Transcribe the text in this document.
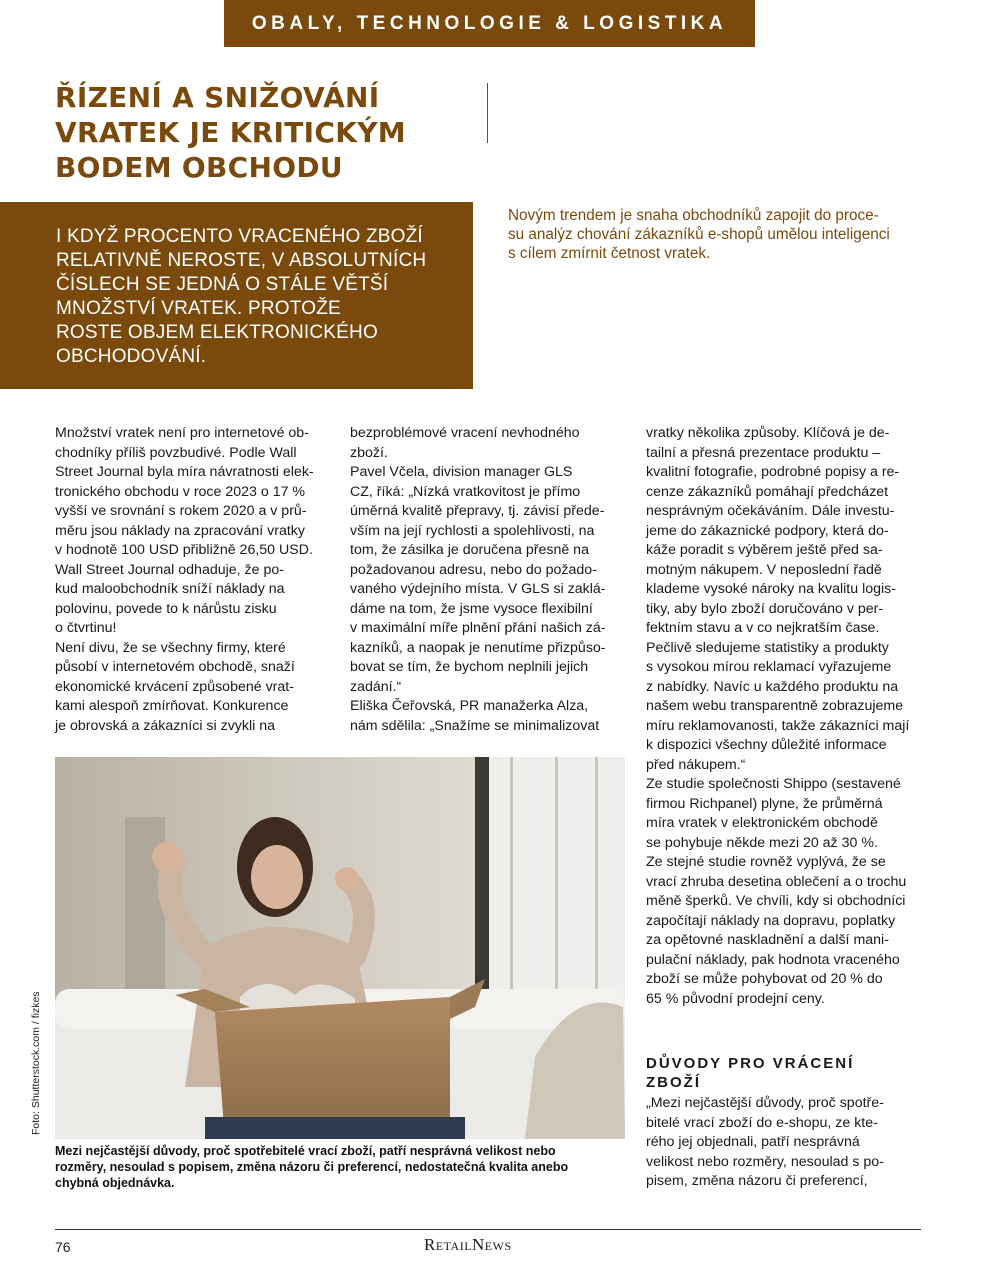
OBALY, TECHNOLOGIE & LOGISTIKA
ŘÍZENÍ A SNIŽOVÁNÍ
VRATEK JE KRITICKÝM
BODEM OBCHODU
I KDYŽ PROCENTO VRACENÉHO ZBOŽÍ
RELATIVNĚ NEROSTE, V ABSOLUTNÍCH
ČÍSLECH SE JEDNÁ O STÁLE VĚTŠÍ
MNOŽSTVÍ VRATEK. PROTOŽE
ROSTE OBJEM ELEKTRONICKÉHO
OBCHODOVÁNÍ.
Novým trendem je snaha obchodníků zapojit do proce-
su analýz chování zákazníků e-shopů umělou inteligenci
s cílem zmírnit četnost vratek.
Množství vratek není pro internetové ob-
chodníky příliš povzbudivé. Podle Wall
Street Journal byla míra návratnosti elek-
tronického obchodu v roce 2023 o 17 %
vyšší ve srovnání s rokem 2020 a v prů-
měru jsou náklady na zpracování vratky
v hodnotě 100 USD přibližně 26,50 USD.
Wall Street Journal odhaduje, že po-
kud maloobchodník sníží náklady na
polovinu, povede to k nárůstu zisku
o čtvrtinu!
Není divu, že se všechny firmy, které
působí v internetovém obchodě, snaží
ekonomické krvácení způsobené vrat-
kami alespoň zmírňovat. Konkurence
je obrovská a zákazníci si zvykli na
bezproblémové vracení nevhodného
zboží.
Pavel Včela, division manager GLS
CZ, říká: „Nízká vratkovitost je přímo
úměrná kvalitě přepravy, tj. závisí přede-
vším na její rychlosti a spolehlivosti, na
tom, že zásilka je doručena přesně na
požadovanou adresu, nebo do požado-
vaného výdejního místa. V GLS si zaklá-
dáme na tom, že jsme vysoce flexibilní
v maximální míře plnění přání našich zá-
kazníků, a naopak je nenutíme přizpůso-
bovat se tím, že bychom neplnili jejich
zadání.“
Eliška Čeřovská, PR manažerka Alza,
nám sdělila: „Snažíme se minimalizovat
vratky několika způsoby. Klíčová je de-
tailní a přesná prezentace produktu –
kvalitní fotografie, podrobné popisy a re-
cenze zákazníků pomáhají předcházet
nesprávným očekáváním. Dále investu-
jeme do zákaznické podpory, která do-
káže poradit s výběrem ještě před sa-
motným nákupem. V neposlední řadě
klademe vysoké nároky na kvalitu logis-
tiky, aby bylo zboží doručováno v per-
fektním stavu a v co nejkratším čase.
Pečlivě sledujeme statistiky a produkty
s vysokou mírou reklamací vyřazujeme
z nabídky. Navíc u každého produktu na
našem webu transparentně zobrazujeme
míru reklamovanosti, takže zákazníci mají
k dispozici všechny důležité informace
před nákupem.“
Ze studie společnosti Shippo (sestavené
firmou Richpanel) plyne, že průměrná
míra vratek v elektronickém obchodě
se pohybuje někde mezi 20 až 30 %.
Ze stejné studie rovněž vyplývá, že se
vrací zhruba desetina oblečení a o trochu
měně šperků. Ve chvíli, kdy si obchodníci
započítají náklady na dopravu, poplatky
za opětovné naskladnění a další mani-
pulační náklady, pak hodnota vraceného
zboží se může pohybovat od 20 % do
65 % původní prodejní ceny.
DŮVODY PRO VRÁCENÍ
ZBOŽÍ
„Mezi nejčastější důvody, proč spotře-
bitelé vrací zboží do e-shopu, ze kte-
rého jej objednali, patří nesprávná
velikost nebo rozměry, nesoulad s po-
pisem, změna názoru či preferencí,
Foto: Shutterstock.com / fizkes

Mezi nejčastější důvody, proč spotřebitelé vrací zboží, patří nesprávná velikost nebo
rozměry, nesoulad s popisem, změna názoru či preferencí, nedostatečná kvalita anebo
chybná objednávka.

76	RetailNews
